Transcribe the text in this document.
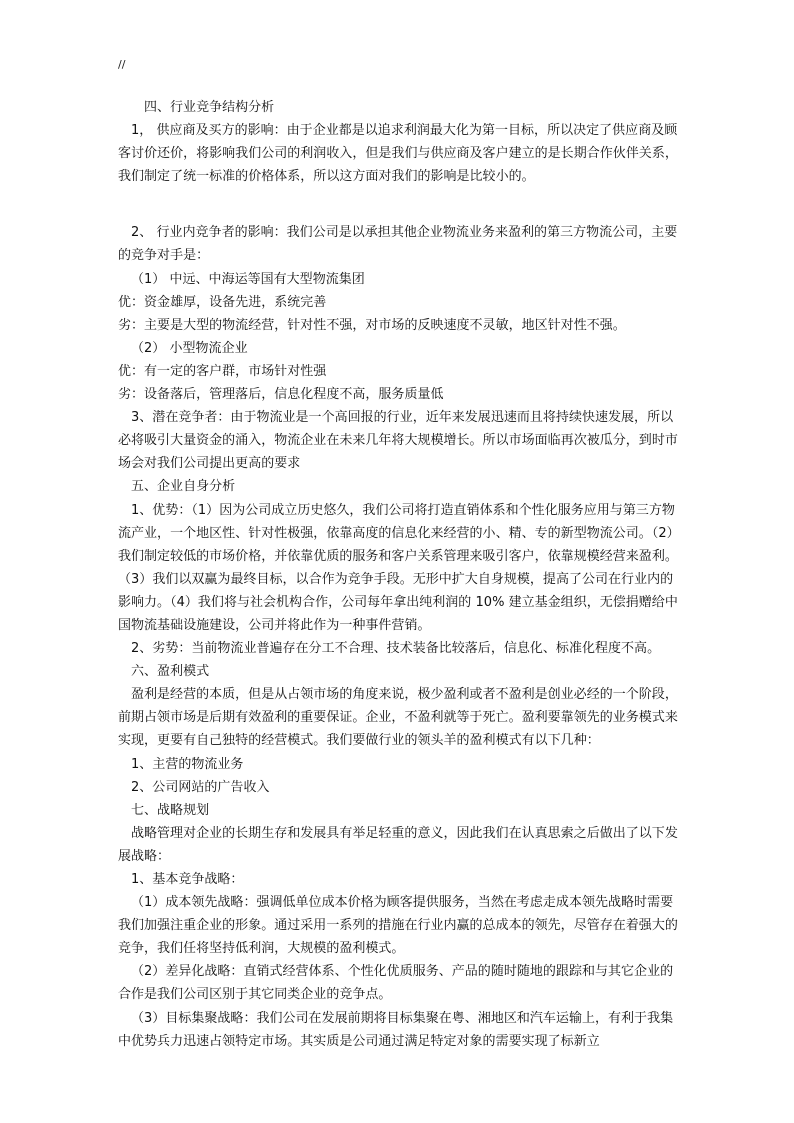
//

四、行业竞争结构分析

1， 供应商及买方的影响：由于企业都是以追求利润最大化为第一目标，所以决定了供应商及顾客讨价还价，将影响我们公司的利润收入，但是我们与供应商及客户建立的是长期合作伙伴关系，我们制定了统一标准的价格体系，所以这方面对我们的影响是比较小的。

2、 行业内竞争者的影响：我们公司是以承担其他企业物流业务来盈利的第三方物流公司，主要的竞争对手是：

（1） 中远、中海运等国有大型物流集团

优：资金雄厚，设备先进，系统完善

劣：主要是大型的物流经营，针对性不强，对市场的反映速度不灵敏，地区针对性不强。

（2） 小型物流企业

优：有一定的客户群，市场针对性强

劣：设备落后，管理落后，信息化程度不高，服务质量低

3、潜在竞争者：由于物流业是一个高回报的行业，近年来发展迅速而且将持续快速发展，所以必将吸引大量资金的涌入，物流企业在未来几年将大规模增长。所以市场面临再次被瓜分，到时市场会对我们公司提出更高的要求

五、企业自身分析

1、优势：（1）因为公司成立历史悠久，我们公司将打造直销体系和个性化服务应用与第三方物流产业，一个地区性、针对性极强，依靠高度的信息化来经营的小、精、专的新型物流公司。（2）我们制定较低的市场价格，并依靠优质的服务和客户关系管理来吸引客户，依靠规模经营来盈利。（3）我们以双赢为最终目标，以合作为竞争手段。无形中扩大自身规模，提高了公司在行业内的影响力。（4）我们将与社会机构合作，公司每年拿出纯利润的 10% 建立基金组织，无偿捐赠给中国物流基础设施建设，公司并将此作为一种事件营销。

2、劣势：当前物流业普遍存在分工不合理、技术装备比较落后，信息化、标准化程度不高。

六、盈利模式

盈利是经营的本质，但是从占领市场的角度来说，极少盈利或者不盈利是创业必经的一个阶段，前期占领市场是后期有效盈利的重要保证。企业，不盈利就等于死亡。盈利要靠领先的业务模式来实现，更要有自己独特的经营模式。我们要做行业的领头羊的盈利模式有以下几种：

1、主营的物流业务

2、公司网站的广告收入

七、战略规划

战略管理对企业的长期生存和发展具有举足轻重的意义，因此我们在认真思索之后做出了以下发展战略：

1、基本竞争战略：

（1）成本领先战略：强调低单位成本价格为顾客提供服务，当然在考虑走成本领先战略时需要我们加强注重企业的形象。通过采用一系列的措施在行业内赢的总成本的领先，尽管存在着强大的竞争，我们任将坚持低利润，大规模的盈利模式。

（2）差异化战略：直销式经营体系、个性化优质服务、产品的随时随地的跟踪和与其它企业的合作是我们公司区别于其它同类企业的竞争点。

（3）目标集聚战略：我们公司在发展前期将目标集聚在粤、湘地区和汽车运输上，有利于我集中优势兵力迅速占领特定市场。其实质是公司通过满足特定对象的需要实现了标新立
